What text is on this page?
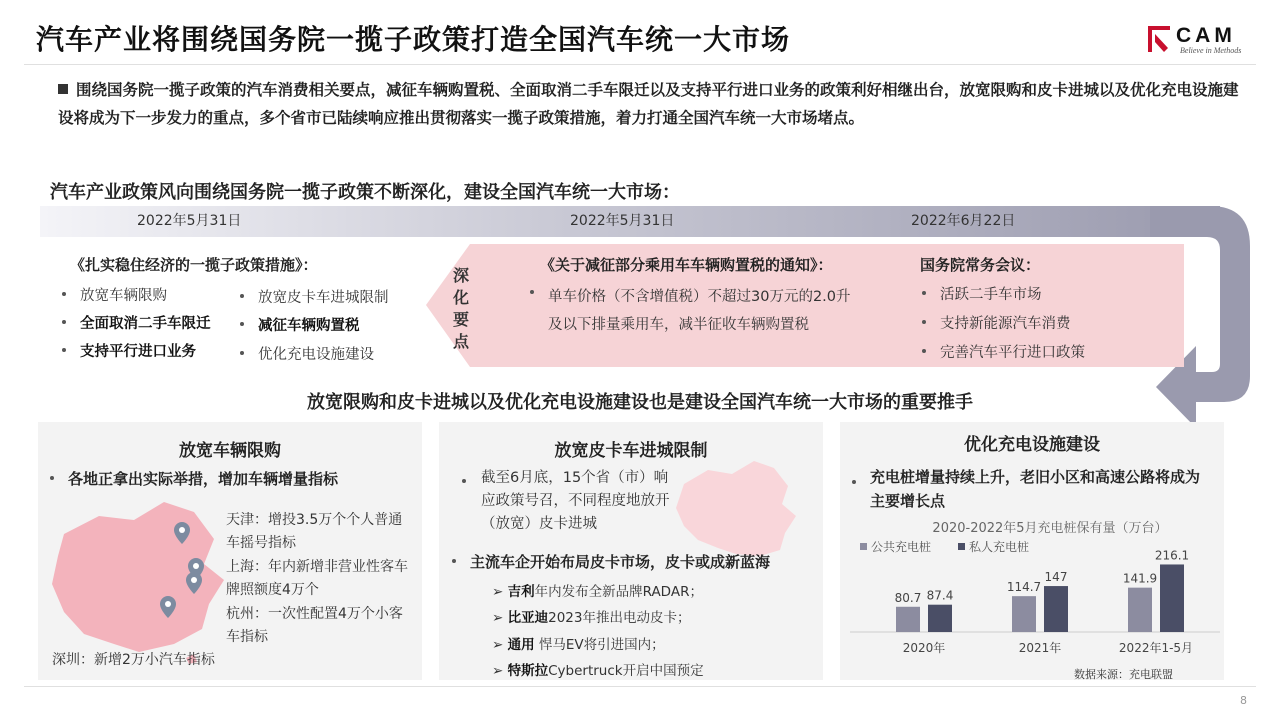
汽车产业将围绕国务院一揽子政策打造全国汽车统一大市场	CAM
Believe in Methods
围绕国务院一揽子政策的汽车消费相关要点，减征车辆购置税、全面取消二手车限迁以及支持平行进口业务的政策利好相继出台，放宽限购和皮卡进城以及优化充电设施建设将成为下一步发力的重点，多个省市已陆续响应推出贯彻落实一揽子政策措施，着力打通全国汽车统一大市场堵点。
汽车产业政策风向围绕国务院一揽子政策不断深化，建设全国汽车统一大市场：
2022年5月31日	2022年5月31日	2022年6月22日
《扎实稳住经济的一揽子政策措施》：
放宽车辆限购
全面取消二手车限迁
支持平行进口业务
放宽皮卡车进城限制
减征车辆购置税
优化充电设施建设
深化要点
《关于减征部分乘用车车辆购置税的通知》：
单车价格（不含增值税）不超过30万元的2.0升及以下排量乘用车，减半征收车辆购置税
国务院常务会议：
活跃二手车市场
支持新能源汽车消费
完善汽车平行进口政策
放宽限购和皮卡进城以及优化充电设施建设也是建设全国汽车统一大市场的重要推手
放宽车辆限购
各地正拿出实际举措，增加车辆增量指标
天津：增投3.5万个个人普通车摇号指标
上海：年内新增非营业性客车牌照额度4万个
杭州：一次性配置4万个小客车指标
深圳：新增2万小汽车指标
放宽皮卡车进城限制
截至6月底，15个省（市）响应政策号召，不同程度地放开（放宽）皮卡进城
主流车企开始布局皮卡市场，皮卡或成新蓝海
➢ 吉利年内发布全新品牌RADAR；
➢ 比亚迪2023年推出电动皮卡；
➢ 通用 悍马EV将引进国内；
➢ 特斯拉Cybertruck开启中国预定
优化充电设施建设
充电桩增量持续上升，老旧小区和高速公路将成为主要增长点
2020-2022年5月充电桩保有量（万台）
公共充电桩	私人充电桩
80.7 87.4
2020年
114.7
147
2021年
141.9
216.1
2022年1-5月
数据来源：充电联盟
8
